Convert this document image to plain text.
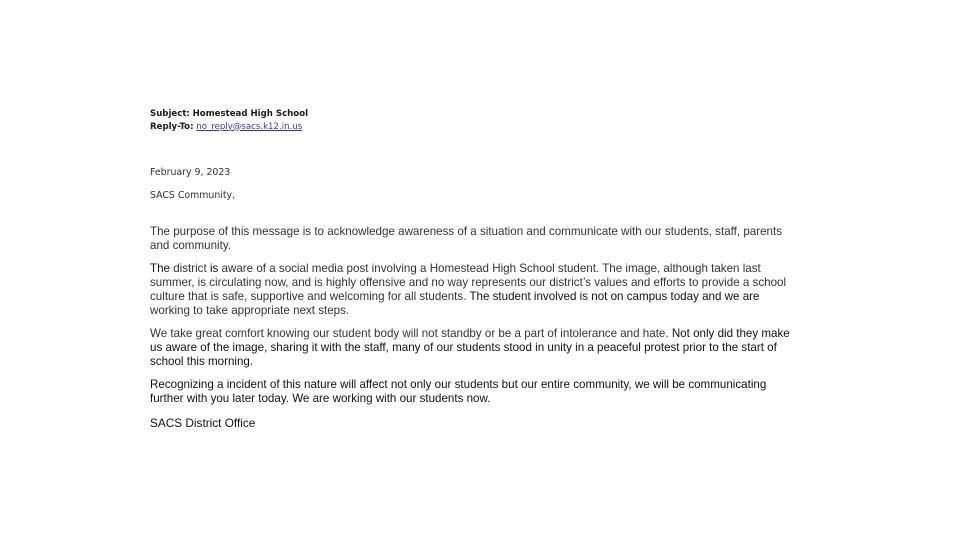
Subject: Homestead High School
Reply-To: no_reply@sacs.k12.in.us
February 9, 2023
SACS Community,

The purpose of this message is to acknowledge awareness of a situation and communicate with our students, staff, parents
and community.

The district is aware of a social media post involving a Homestead High School student. The image, although taken last
summer, is circulating now, and is highly offensive and no way represents our district’s values and efforts to provide a school
culture that is safe, supportive and welcoming for all students. The student involved is not on campus today and we are
working to take appropriate next steps.

We take great comfort knowing our student body will not standby or be a part of intolerance and hate. Not only did they make
us aware of the image, sharing it with the staff, many of our students stood in unity in a peaceful protest prior to the start of
school this morning.

Recognizing a incident of this nature will affect not only our students but our entire community, we will be communicating
further with you later today. We are working with our students now.

SACS District Office
